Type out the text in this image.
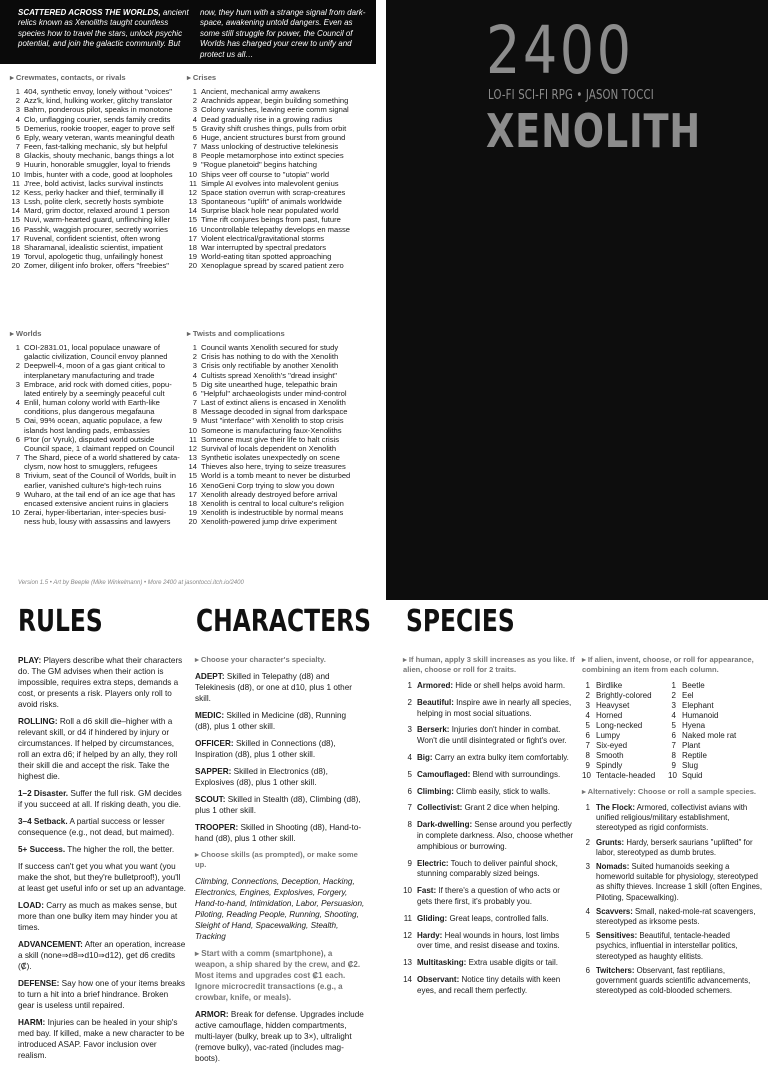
SCATTERED ACROSS THE WORLDS, ancient relics known as Xenoliths taught countless species how to travel the stars, unlock psychic potential, and join the galactic community. But
now, they hum with a strange signal from dark-space, awakening untold dangers. Even as some still struggle for power, the Council of Worlds has charged your crew to unify and protect us all…	2400
LO-FI SCI-FI RPG • JASON TOCCI
XENOLITH
▸ Crewmates, contacts, or rivals
1 404, synthetic envoy, lonely without "voices"
2 Azz'k, kind, hulking worker, glitchy translator
3 Bahrn, ponderous pilot, speaks in monotone
4 Clo, unflagging courier, sends family credits
5 Demerius, rookie trooper, eager to prove self
6 Eply, weary veteran, wants meaningful death
7 Feen, fast-talking mechanic, sly but helpful
8 Glackis, shouty mechanic, bangs things a lot
9 Huurin, honorable smuggler, loyal to friends
10 Imbis, hunter with a code, good at loopholes
11 J'ree, bold activist, lacks survival instincts
12 Kess, perky hacker and thief, terminally ill
13 Lssh, polite clerk, secretly hosts symbiote
14 Mard, grim doctor, relaxed around 1 person
15 Nuvi, warm-hearted guard, unflinching killer
16 Passhk, waggish procurer, secretly worries
17 Ruvenal, confident scientist, often wrong
18 Sharamanal, idealistic scientist, impatient
19 Torvul, apologetic thug, unfailingly honest
20 Zomer, diligent info broker, offers "freebies"
▸ Crises
1 Ancient, mechanical army awakens
2 Arachnids appear, begin building something
3 Colony vanishes, leaving eerie comm signal
4 Dead gradually rise in a growing radius
5 Gravity shift crushes things, pulls from orbit
6 Huge, ancient structures burst from ground
7 Mass unlocking of destructive telekinesis
8 People metamorphose into extinct species
9 "Rogue planetoid" begins hatching
10 Ships veer off course to "utopia" world
11 Simple AI evolves into malevolent genius
12 Space station overrun with scrap-creatures
13 Spontaneous "uplift" of animals worldwide
14 Surprise black hole near populated world
15 Time rift conjures beings from past, future
16 Uncontrollable telepathy develops en masse
17 Violent electrical/gravitational storms
18 War interrupted by spectral predators
19 World-eating titan spotted approaching
20 Xenoplague spread by scared patient zero
▸ Worlds
1 COI-2831.01, local populace unaware of
galactic civilization, Council envoy planned
2 Deepwell-4, moon of a gas giant critical to
interplanetary manufacturing and trade
3 Embrace, arid rock with domed cities, popu-
lated entirely by a seemingly peaceful cult
4 Enlil, human colony world with Earth-like
conditions, plus dangerous megafauna
5 Oai, 99% ocean, aquatic populace, a few
islands host landing pads, embassies
6 P'tor (or Vyruk), disputed world outside
Council space, 1 claimant repped on Council
7 The Shard, piece of a world shattered by cata-
clysm, now host to smugglers, refugees
8 Trivium, seat of the Council of Worlds, built in
earlier, vanished culture's high-tech ruins
9 Wuharo, at the tail end of an ice age that has
encased extensive ancient ruins in glaciers
10 Zerai, hyper-libertarian, inter-species busi-
ness hub, lousy with assassins and lawyers
▸ Twists and complications
1 Council wants Xenolith secured for study
2 Crisis has nothing to do with the Xenolith
3 Crisis only rectifiable by another Xenolith
4 Cultists spread Xenolith's "dread insight"
5 Dig site unearthed huge, telepathic brain
6 "Helpful" archaeologists under mind-control
7 Last of extinct aliens is encased in Xenolith
8 Message decoded in signal from darkspace
9 Must "interface" with Xenolith to stop crisis
10 Someone is manufacturing faux-Xenoliths
11 Someone must give their life to halt crisis
12 Survival of locals dependent on Xenolith
13 Synthetic isolates unexpectedly on scene
14 Thieves also here, trying to seize treasures
15 World is a tomb meant to never be disturbed
16 XenoGeni Corp trying to slow you down
17 Xenolith already destroyed before arrival
18 Xenolith is central to local culture's religion
19 Xenolith is indestructible by normal means
20 Xenolith-powered jump drive experiment
Version 1.5 • Art by Beeple (Mike Winkelmann) • More 2400 at jasontocci.itch.io/2400
RULES	CHARACTERS SPECIES

PLAY: Players describe what their characters do. The GM advises when their action is impossible, requires extra steps, demands a cost, or presents a risk. Players only roll to avoid risks.

ROLLING: Roll a d6 skill die–higher with a relevant skill, or d4 if hindered by injury or circumstances. If helped by circumstances, roll an extra d6; if helped by an ally, they roll their skill die and accept the risk. Take the highest die.

1–2 Disaster. Suffer the full risk. GM decides if you succeed at all. If risking death, you die.

3–4 Setback. A partial success or lesser consequence (e.g., not dead, but maimed).

5+ Success. The higher the roll, the better.

If success can't get you what you want (you make the shot, but they're bulletproof!), you'll at least get useful info or set up an advantage.

LOAD: Carry as much as makes sense, but more than one bulky item may hinder you at times.

ADVANCEMENT: After an operation, increase a skill (none⇒d8⇒d10⇒d12), get d6 credits (₡).

DEFENSE: Say how one of your items breaks to turn a hit into a brief hindrance. Broken gear is useless until repaired.

HARM: Injuries can be healed in your ship's med bay. If killed, make a new character to be introduced ASAP. Favor inclusion over realism.

▸ Choose your character's specialty.

ADEPT: Skilled in Telepathy (d8) and Telekinesis (d8), or one at d10, plus 1 other skill.

MEDIC: Skilled in Medicine (d8), Running (d8), plus 1 other skill.

OFFICER: Skilled in Connections (d8), Inspiration (d8), plus 1 other skill.

SAPPER: Skilled in Electronics (d8), Explosives (d8), plus 1 other skill.

SCOUT: Skilled in Stealth (d8), Climbing (d8), plus 1 other skill.

TROOPER: Skilled in Shooting (d8), Hand-to-hand (d8), plus 1 other skill.

▸ Choose skills (as prompted), or make some up.

Climbing, Connections, Deception, Hacking, Electronics, Engines, Explosives, Forgery, Hand-to-hand, Intimidation, Labor, Persuasion, Piloting, Reading People, Running, Shooting, Sleight of Hand, Spacewalking, Stealth, Tracking

▸ Start with a comm (smartphone), a weapon, a ship shared by the crew, and ₡2. Most items and upgrades cost ₡1 each. Ignore microcredit transactions (e.g., a crowbar, knife, or meals).

ARMOR: Break for defense. Upgrades include active camouflage, hidden compartments, multi-layer (bulky, break up to 3×), ultralight (remove bulky), vac-rated (includes mag-boots).

▸ If human, apply 3 skill increases as you like. If alien, choose or roll for 2 traits.
1 Armored: Hide or shell helps avoid harm.
2 Beautiful: Inspire awe in nearly all species, helping in most social situations.
3 Berserk: Injuries don't hinder in combat. Won't die until disintegrated or fight's over.
4 Big: Carry an extra bulky item comfortably.
5 Camouflaged: Blend with surroundings.
6 Climbing: Climb easily, stick to walls.
7 Collectivist: Grant 2 dice when helping.
8 Dark-dwelling: Sense around you perfectly in complete darkness. Also, choose whether amphibious or burrowing.
9 Electric: Touch to deliver painful shock, stunning comparably sized beings.
10 Fast: If there's a question of who acts or gets there first, it's probably you.
11 Gliding: Great leaps, controlled falls.
12 Hardy: Heal wounds in hours, lost limbs over time, and resist disease and toxins.
13 Multitasking: Extra usable digits or tail.
14 Observant: Notice tiny details with keen eyes, and recall them perfectly.
▸ If alien, invent, choose, or roll for appearance, combining an item from each column.
1 Birdlike	1 Beetle
2 Brightly-colored	2 Eel
3 Heavyset	3 Elephant
4 Horned	4 Humanoid
5 Long-necked	5 Hyena
6 Lumpy	6 Naked mole rat
7 Six-eyed	7 Plant
8 Smooth	8 Reptile
9 Spindly	9 Slug
10 Tentacle-headed	10 Squid
▸ Alternatively: Choose or roll a sample species.
1 The Flock: Armored, collectivist avians with unified religious/military establishment, stereotyped as rigid conformists.
2 Grunts: Hardy, berserk saurians "uplifted" for labor, stereotyped as dumb brutes.
3 Nomads: Suited humanoids seeking a homeworld suitable for physiology, stereotyped as shifty thieves. Increase 1 skill (often Engines, Piloting, Spacewalking).
4 Scavvers: Small, naked-mole-rat scavengers, stereotyped as irksome pests.
5 Sensitives: Beautiful, tentacle-headed psychics, influential in interstellar politics, stereotyped as haughty elitists.
6 Twitchers: Observant, fast reptilians, government guards scientific advancements, stereotyped as cold-blooded schemers.
